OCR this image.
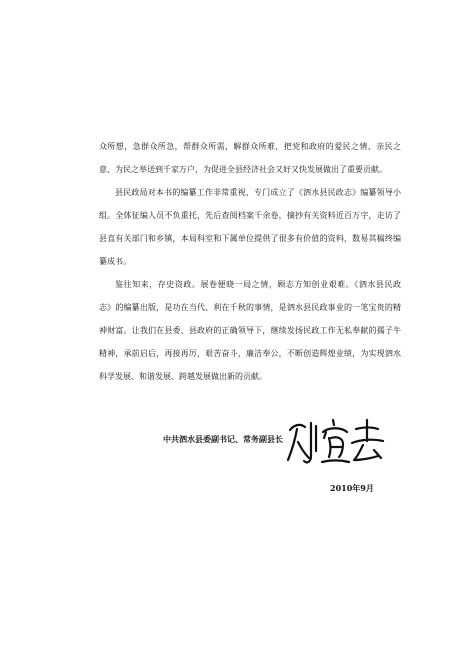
众所想，急群众所急，帮群众所需，解群众所难，把党和政府的爱民之情、亲民之
意、为民之举送到千家万户，为促进全县经济社会又好又快发展做出了重要贡献。
县民政局对本书的编纂工作非常重视，专门成立了《泗水县民政志》编纂领导小
组。全体征编人员不负重托，先后查阅档案千余卷，摘抄有关资料近百万字，走访了
县直有关部门和乡镇，本局科室和下属单位提供了很多有价值的资料，数易其稿终编
纂成书。
鉴往知来，存史资政。展卷便晓一局之情，顾志方知创业艰难。《泗水县民政
志》的编纂出版，是功在当代、利在千秋的事情，是泗水县民政事业的一笔宝贵的精
神财富。让我们在县委、县政府的正确领导下，继续发扬民政工作无私奉献的孺子牛
精神，承前启后，再接再厉，艰苦奋斗，廉洁奉公，不断创造辉煌业绩，为实现泗水
科学发展、和谐发展、跨越发展做出新的贡献。
中共泗水县委副书记、常务副县长
2010年9月
